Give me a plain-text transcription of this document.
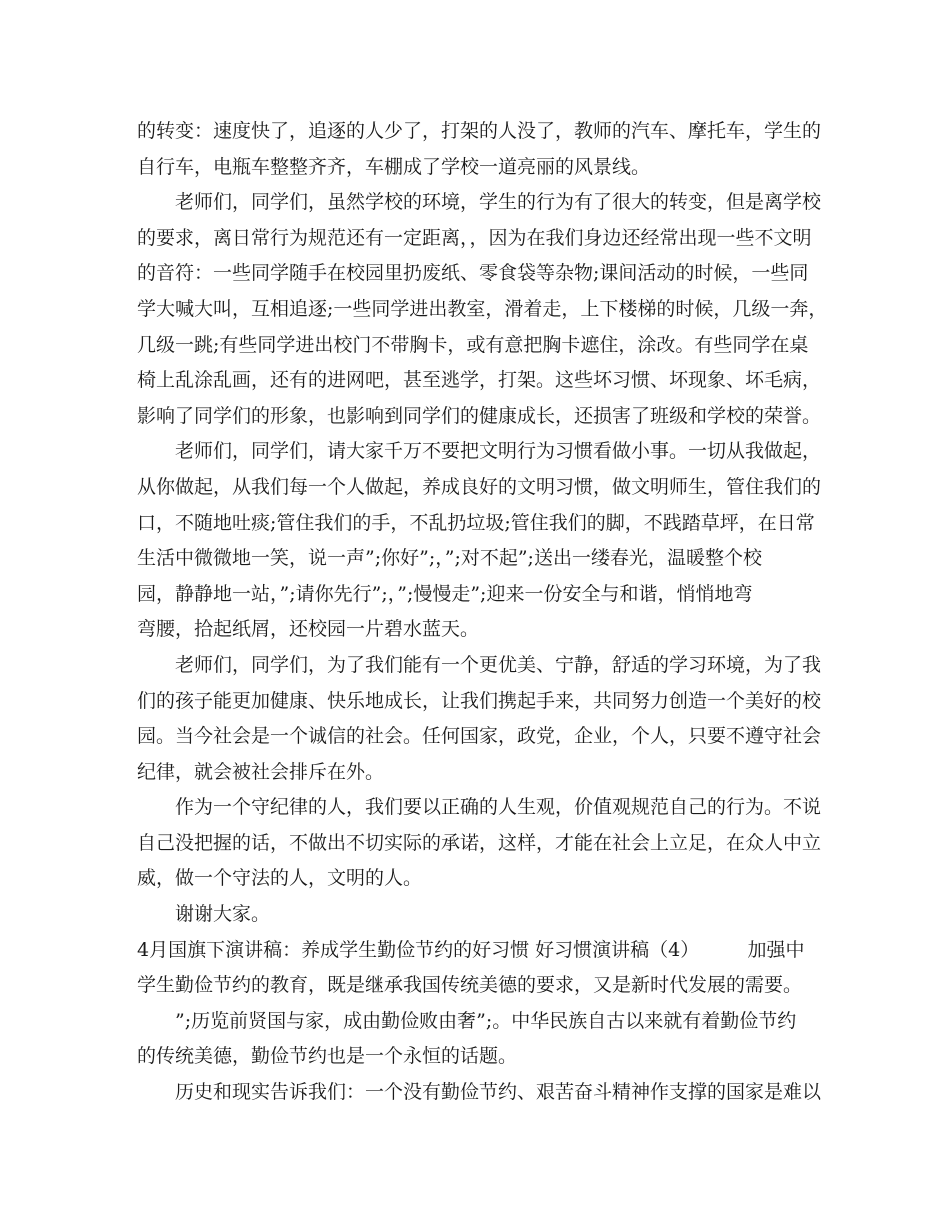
的转变：速度快了，追逐的人少了，打架的人没了，教师的汽车、摩托车，学生的
自行车，电瓶车整整齐齐，车棚成了学校一道亮丽的风景线。
老师们，同学们，虽然学校的环境，学生的行为有了很大的转变，但是离学校
的要求，离日常行为规范还有一定距离，，因为在我们身边还经常出现一些不文明
的音符：一些同学随手在校园里扔废纸、零食袋等杂物;课间活动的时候，一些同
学大喊大叫，互相追逐;一些同学进出教室，滑着走，上下楼梯的时候，几级一奔，
几级一跳;有些同学进出校门不带胸卡，或有意把胸卡遮住，涂改。有些同学在桌
椅上乱涂乱画，还有的进网吧，甚至逃学，打架。这些坏习惯、坏现象、坏毛病，
影响了同学们的形象，也影响到同学们的健康成长，还损害了班级和学校的荣誉。
老师们，同学们，请大家千万不要把文明行为习惯看做小事。一切从我做起，
从你做起，从我们每一个人做起，养成良好的文明习惯，做文明师生，管住我们的
口，不随地吐痰;管住我们的手，不乱扔垃圾;管住我们的脚，不践踏草坪，在日常
生活中微微地一笑，说一声”;你好”;，”;对不起”;送出一缕春光，温暖整个校
园，静静地一站，”;请你先行”;，”;慢慢走”;迎来一份安全与和谐，悄悄地弯
弯腰，拾起纸屑，还校园一片碧水蓝天。
老师们，同学们，为了我们能有一个更优美、宁静，舒适的学习环境，为了我
们的孩子能更加健康、快乐地成长，让我们携起手来，共同努力创造一个美好的校
园。当今社会是一个诚信的社会。任何国家，政党，企业，个人，只要不遵守社会
纪律，就会被社会排斥在外。
作为一个守纪律的人，我们要以正确的人生观，价值观规范自己的行为。不说
自己没把握的话，不做出不切实际的承诺，这样，才能在社会上立足，在众人中立
威，做一个守法的人，文明的人。
谢谢大家。
4月国旗下演讲稿：养成学生勤俭节约的好习惯 好习惯演讲稿（4）        加强中
学生勤俭节约的教育，既是继承我国传统美德的要求，又是新时代发展的需要。
”;历览前贤国与家，成由勤俭败由奢”;。中华民族自古以来就有着勤俭节约
的传统美德，勤俭节约也是一个永恒的话题。
历史和现实告诉我们：一个没有勤俭节约、艰苦奋斗精神作支撑的国家是难以
